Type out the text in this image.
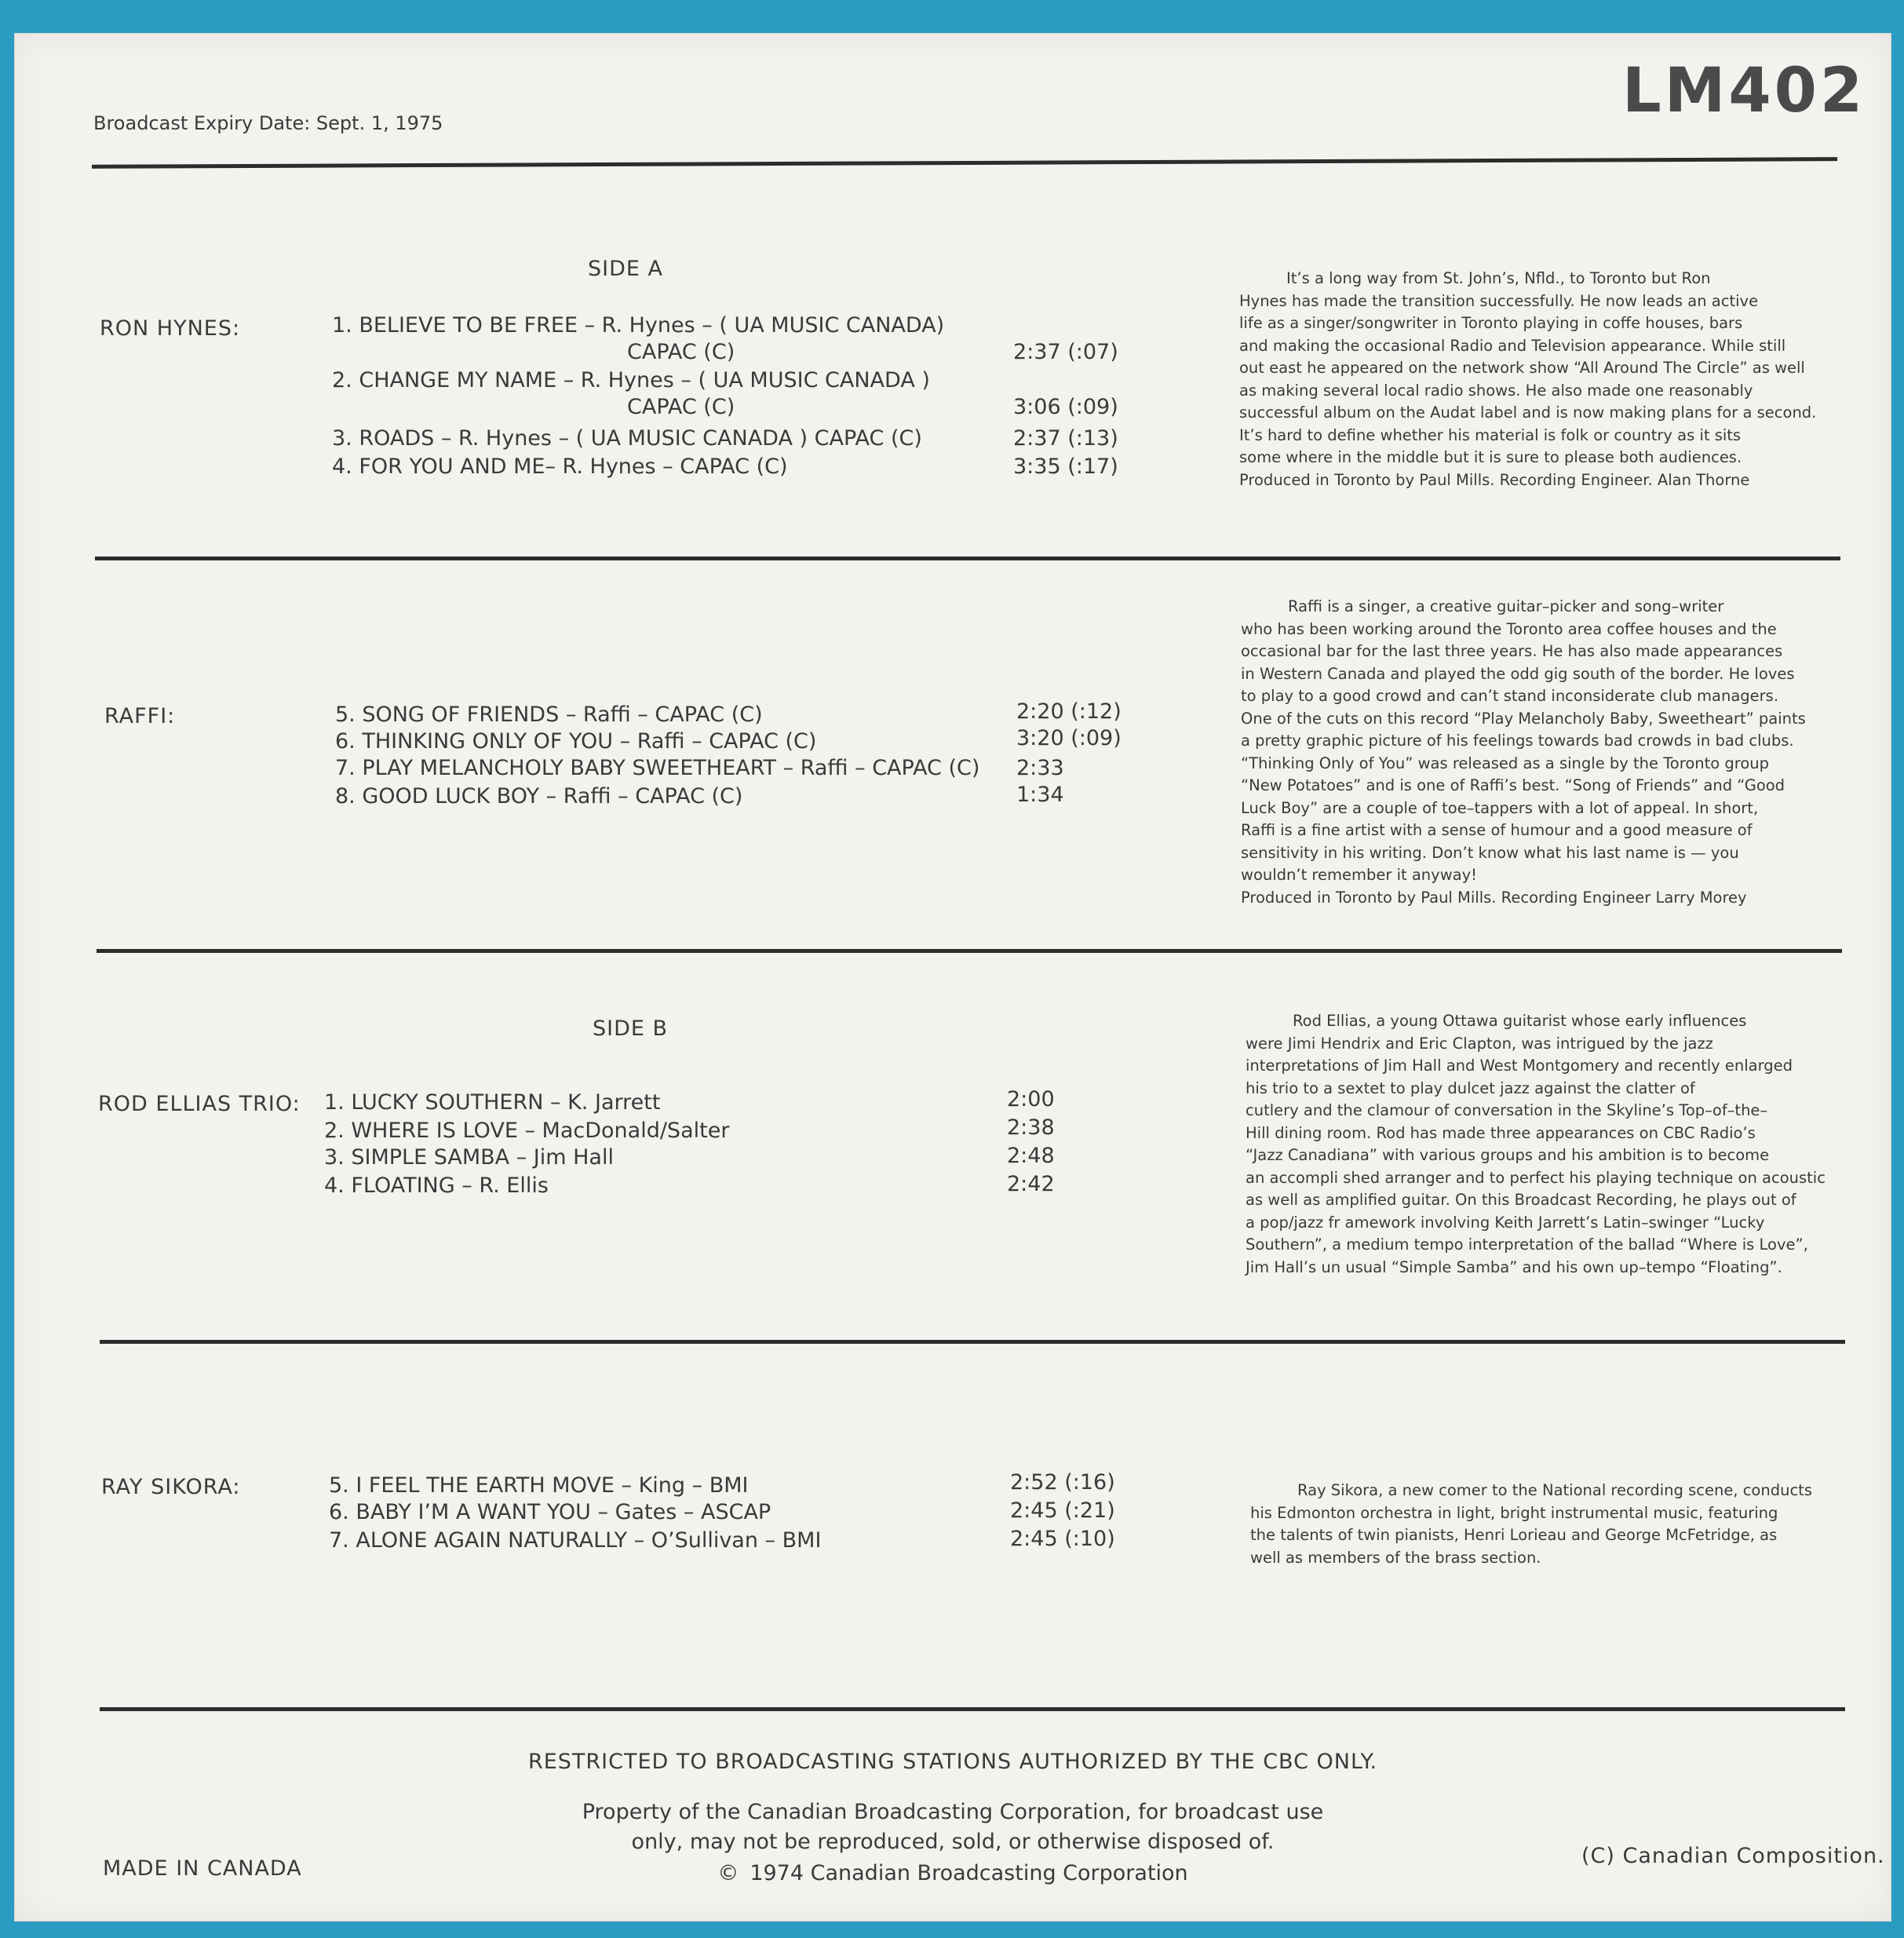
Broadcast Expiry Date: Sept. 1, 1975	LM402
SIDE A
RON HYNES:	1. BELIEVE TO BE FREE – R. Hynes – ( UA MUSIC CANADA)
CAPAC (C)	2:37 (:07)
2. CHANGE MY NAME – R. Hynes – ( UA MUSIC CANADA )
CAPAC (C)	3:06 (:09)
3. ROADS – R. Hynes – ( UA MUSIC CANADA ) CAPAC (C)	2:37 (:13)
4. FOR YOU AND ME– R. Hynes – CAPAC (C)	3:35 (:17)

It’s a long way from St. John’s, Nfld., to Toronto but Ron

Hynes has made the transition successfully. He now leads an active

life as a singer/songwriter in Toronto playing in coffe houses, bars

and making the occasional Radio and Television appearance. While still

out east he appeared on the network show “All Around The Circle” as well

as making several local radio shows. He also made one reasonably

successful album on the Audat label and is now making plans for a second.

It’s hard to define whether his material is folk or country as it sits

some where in the middle but it is sure to please both audiences.

Produced in Toronto by Paul Mills. Recording Engineer. Alan Thorne

RAFFI:	5. SONG OF FRIENDS – Raffi – CAPAC (C)	2:20 (:12)
6. THINKING ONLY OF YOU – Raffi – CAPAC (C)	3:20 (:09)
7. PLAY MELANCHOLY BABY SWEETHEART – Raffi – CAPAC (C) 2:33
8. GOOD LUCK BOY – Raffi – CAPAC (C)	1:34

Raffi is a singer, a creative guitar–picker and song–writer

who has been working around the Toronto area coffee houses and the

occasional bar for the last three years. He has also made appearances

in Western Canada and played the odd gig south of the border. He loves

to play to a good crowd and can’t stand inconsiderate club managers.

One of the cuts on this record “Play Melancholy Baby, Sweetheart” paints

a pretty graphic picture of his feelings towards bad crowds in bad clubs.

“Thinking Only of You” was released as a single by the Toronto group

“New Potatoes” and is one of Raffi’s best. “Song of Friends” and “Good

Luck Boy” are a couple of toe–tappers with a lot of appeal. In short,

Raffi is a fine artist with a sense of humour and a good measure of

sensitivity in his writing. Don’t know what his last name is — you

wouldn’t remember it anyway!

Produced in Toronto by Paul Mills. Recording Engineer Larry Morey

SIDE B
ROD ELLIAS TRIO: 1. LUCKY SOUTHERN – K. Jarrett	2:00
2. WHERE IS LOVE – MacDonald/Salter	2:38
3. SIMPLE SAMBA – Jim Hall	2:48
4. FLOATING – R. Ellis	2:42

Rod Ellias, a young Ottawa guitarist whose early influences

were Jimi Hendrix and Eric Clapton, was intrigued by the jazz

interpretations of Jim Hall and West Montgomery and recently enlarged

his trio to a sextet to play dulcet jazz against the clatter of

cutlery and the clamour of conversation in the Skyline’s Top–of–the–

Hill dining room. Rod has made three appearances on CBC Radio’s

“Jazz Canadiana” with various groups and his ambition is to become

an accompli shed arranger and to perfect his playing technique on acoustic

as well as amplified guitar. On this Broadcast Recording, he plays out of

a pop/jazz fr amework involving Keith Jarrett’s Latin–swinger “Lucky

Southern”, a medium tempo interpretation of the ballad “Where is Love”,

Jim Hall’s un usual “Simple Samba” and his own up–tempo “Floating”.

RAY SIKORA:	5. I FEEL THE EARTH MOVE – King – BMI	2:52 (:16)
6. BABY I’M A WANT YOU – Gates – ASCAP	2:45 (:21)
7. ALONE AGAIN NATURALLY – O’Sullivan – BMI	2:45 (:10)

Ray Sikora, a new comer to the National recording scene, conducts

his Edmonton orchestra in light, bright instrumental music, featuring

the talents of twin pianists, Henri Lorieau and George McFetridge, as

well as members of the brass section.

RESTRICTED TO BROADCASTING STATIONS AUTHORIZED BY THE CBC ONLY.
Property of the Canadian Broadcasting Corporation, for broadcast use
only, may not be reproduced, sold, or otherwise disposed of.
© 1974 Canadian Broadcasting Corporation
MADE IN CANADA
(C) Canadian Composition.
